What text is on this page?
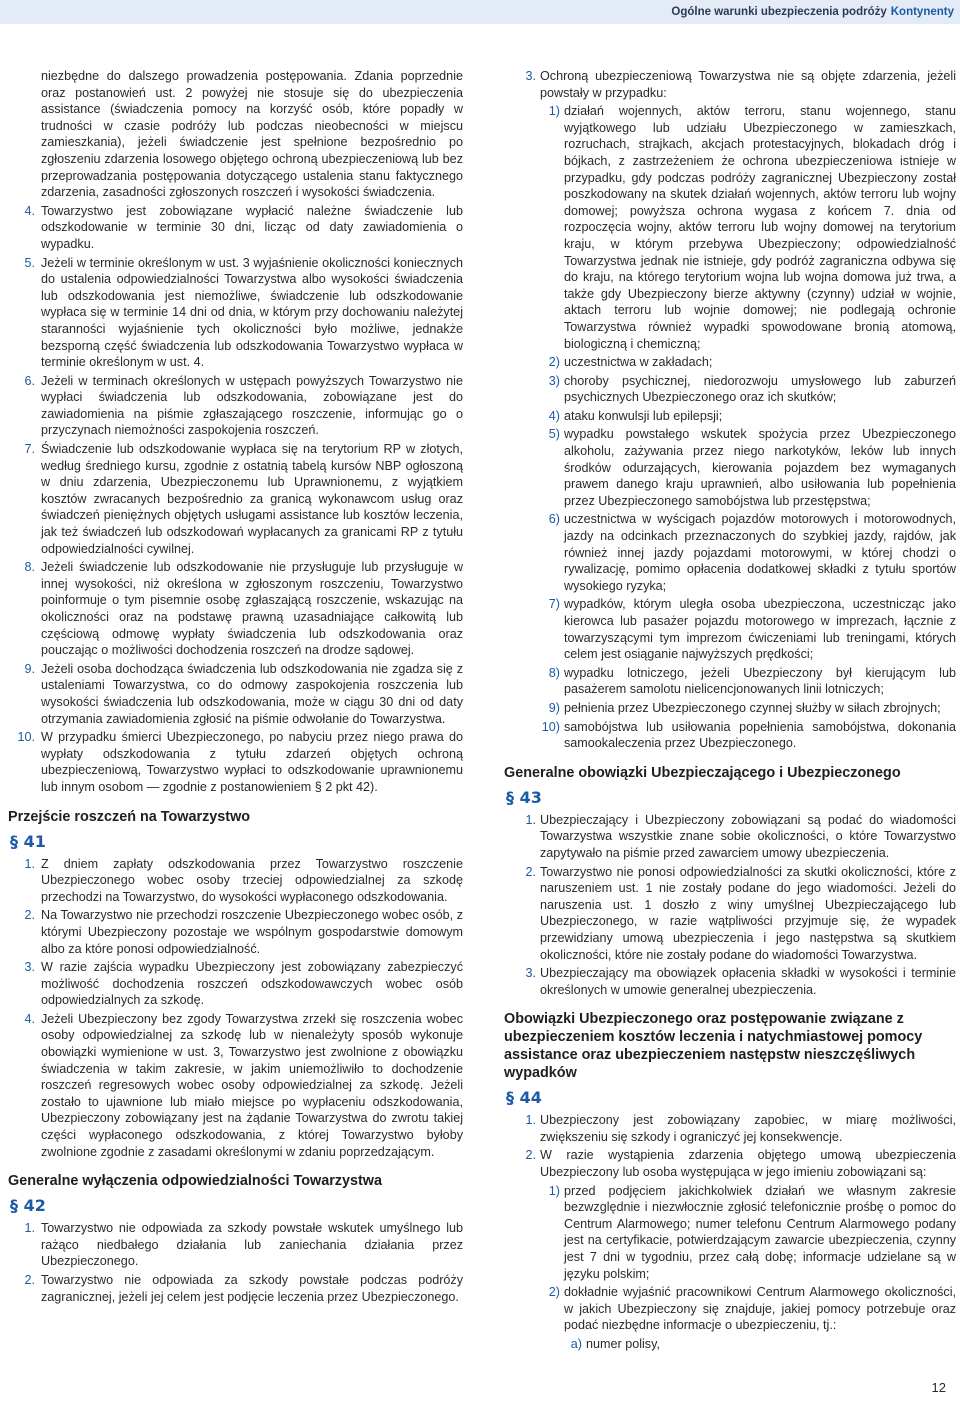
Ogólne warunki ubezpieczenia podróży Kontynenty

niezbędne do dalszego prowadzenia postępowania. Zdania poprzednie oraz postanowień ust. 2 powyżej nie stosuje się do ubezpieczenia assistance (świadczenia pomocy na korzyść osób, które popadły w trudności w czasie podróży lub podczas nieobecności w miejscu zamieszkania), jeżeli świadczenie jest spełnione bezpośrednio po zgłoszeniu zdarzenia losowego objętego ochroną ubezpieczeniową lub bez przeprowadzania postępowania dotyczącego ustalenia stanu faktycznego zdarzenia, zasadności zgłoszonych roszczeń i wysokości świadczenia.

4. Towarzystwo jest zobowiązane wypłacić należne świadczenie lub odszkodowanie w terminie 30 dni, licząc od daty zawiadomienia o wypadku.
5. Jeżeli w terminie określonym w ust. 3 wyjaśnienie okoliczności koniecznych do ustalenia odpowiedzialności Towarzystwa albo wysokości świadczenia lub odszkodowania jest niemożliwe, świadczenie lub odszkodowanie wypłaca się w terminie 14 dni od dnia, w którym przy dochowaniu należytej staranności wyjaśnienie tych okoliczności było możliwe, jednakże bezsporną część świadczenia lub odszkodowania Towarzystwo wypłaca w terminie określonym w ust. 4.
6. Jeżeli w terminach określonych w ustępach powyższych Towarzystwo nie wypłaci świadczenia lub odszkodowania, zobowiązane jest do zawiadomienia na piśmie zgłaszającego roszczenie, informując go o przyczynach niemożności zaspokojenia roszczeń.
7. Świadczenie lub odszkodowanie wypłaca się na terytorium RP w złotych, według średniego kursu, zgodnie z ostatnią tabelą kursów NBP ogłoszoną w dniu zdarzenia, Ubezpieczonemu lub Uprawnionemu, z wyjątkiem kosztów zwracanych bezpośrednio za granicą wykonawcom usług oraz świadczeń pieniężnych objętych usługami assistance lub kosztów leczenia, jak też świadczeń lub odszkodowań wypłacanych za granicami RP z tytułu odpowiedzialności cywilnej.
8. Jeżeli świadczenie lub odszkodowanie nie przysługuje lub przysługuje w innej wysokości, niż określona w zgłoszonym roszczeniu, Towarzystwo poinformuje o tym pisemnie osobę zgłaszającą roszczenie, wskazując na okoliczności oraz na podstawę prawną uzasadniające całkowitą lub częściową odmowę wypłaty świadczenia lub odszkodowania oraz pouczając o możliwości dochodzenia roszczeń na drodze sądowej.
9. Jeżeli osoba dochodząca świadczenia lub odszkodowania nie zgadza się z ustaleniami Towarzystwa, co do odmowy zaspokojenia roszczenia lub wysokości świadczenia lub odszkodowania, może w ciągu 30 dni od daty otrzymania zawiadomienia zgłosić na piśmie odwołanie do Towarzystwa.
10. W przypadku śmierci Ubezpieczonego, po nabyciu przez niego prawa do wypłaty odszkodowania z tytułu zdarzeń objętych ochroną ubezpieczeniową, Towarzystwo wypłaci to odszkodowanie uprawnionemu lub innym osobom — zgodnie z postanowieniem § 2 pkt 42).
Przejście roszczeń na Towarzystwo
§ 41
1. Z dniem zapłaty odszkodowania przez Towarzystwo roszczenie Ubezpieczonego wobec osoby trzeciej odpowiedzialnej za szkodę przechodzi na Towarzystwo, do wysokości wypłaconego odszkodowania.
2. Na Towarzystwo nie przechodzi roszczenie Ubezpieczonego wobec osób, z którymi Ubezpieczony pozostaje we wspólnym gospodarstwie domowym albo za które ponosi odpowiedzialność.
3. W razie zajścia wypadku Ubezpieczony jest zobowiązany zabezpieczyć możliwość dochodzenia roszczeń odszkodowawczych wobec osób odpowiedzialnych za szkodę.
4. Jeżeli Ubezpieczony bez zgody Towarzystwa zrzekł się roszczenia wobec osoby odpowiedzialnej za szkodę lub w nienależyty sposób wykonuje obowiązki wymienione w ust. 3, Towarzystwo jest zwolnione z obowiązku świadczenia w takim zakresie, w jakim uniemożliwiło to dochodzenie roszczeń regresowych wobec osoby odpowiedzialnej za szkodę. Jeżeli zostało to ujawnione lub miało miejsce po wypłaceniu odszkodowania, Ubezpieczony zobowiązany jest na żądanie Towarzystwa do zwrotu takiej części wypłaconego odszkodowania, z której Towarzystwo byłoby zwolnione zgodnie z zasadami określonymi w zdaniu poprzedzającym.
Generalne wyłączenia odpowiedzialności Towarzystwa
§ 42
1. Towarzystwo nie odpowiada za szkody powstałe wskutek umyślnego lub rażąco niedbałego działania lub zaniechania działania przez Ubezpieczonego.
2. Towarzystwo nie odpowiada za szkody powstałe podczas podróży zagranicznej, jeżeli jej celem jest podjęcie leczenia przez Ubezpieczonego.
3. Ochroną ubezpieczeniową Towarzystwa nie są objęte zdarzenia, jeżeli powstały w przypadku:
1) działań wojennych, aktów terroru, stanu wojennego, stanu wyjątkowego lub udziału Ubezpieczonego w zamieszkach, rozruchach, strajkach, akcjach protestacyjnych, blokadach dróg i bójkach, z zastrzeżeniem że ochrona ubezpieczeniowa istnieje w przypadku, gdy podczas podróży zagranicznej Ubezpieczony został poszkodowany na skutek działań wojennych, aktów terroru lub wojny domowej; powyższa ochrona wygasa z końcem 7. dnia od rozpoczęcia wojny, aktów terroru lub wojny domowej na terytorium kraju, w którym przebywa Ubezpieczony; odpowiedzialność Towarzystwa jednak nie istnieje, gdy podróż zagraniczna odbywa się do kraju, na którego terytorium wojna lub wojna domowa już trwa, a także gdy Ubezpieczony bierze aktywny (czynny) udział w wojnie, aktach terroru lub wojnie domowej; nie podlegają ochronie Towarzystwa również wypadki spowodowane bronią atomową, biologiczną i chemiczną;
2) uczestnictwa w zakładach;
3) choroby psychicznej, niedorozwoju umysłowego lub zaburzeń psychicznych Ubezpieczonego oraz ich skutków;
4) ataku konwulsji lub epilepsji;
5) wypadku powstałego wskutek spożycia przez Ubezpieczonego alkoholu, zażywania przez niego narkotyków, leków lub innych środków odurzających, kierowania pojazdem bez wymaganych prawem danego kraju uprawnień, albo usiłowania lub popełnienia przez Ubezpieczonego samobójstwa lub przestępstwa;
6) uczestnictwa w wyścigach pojazdów motorowych i motorowodnych, jazdy na odcinkach przeznaczonych do szybkiej jazdy, rajdów, jak również innej jazdy pojazdami motorowymi, w której chodzi o rywalizację, pomimo opłacenia dodatkowej składki z tytułu sportów wysokiego ryzyka;
7) wypadków, którym uległa osoba ubezpieczona, uczestnicząc jako kierowca lub pasażer pojazdu motorowego w imprezach, łącznie z towarzyszącymi tym imprezom ćwiczeniami lub treningami, których celem jest osiąganie najwyższych prędkości;
8) wypadku lotniczego, jeżeli Ubezpieczony był kierującym lub pasażerem samolotu nielicencjonowanych linii lotniczych;
9) pełnienia przez Ubezpieczonego czynnej służby w siłach zbrojnych;
10) samobójstwa lub usiłowania popełnienia samobójstwa, dokonania samookaleczenia przez Ubezpieczonego.
Generalne obowiązki Ubezpieczającego i Ubezpieczonego
§ 43
1. Ubezpieczający i Ubezpieczony zobowiązani są podać do wiadomości Towarzystwa wszystkie znane sobie okoliczności, o które Towarzystwo zapytywało na piśmie przed zawarciem umowy ubezpieczenia.
2. Towarzystwo nie ponosi odpowiedzialności za skutki okoliczności, które z naruszeniem ust. 1 nie zostały podane do jego wiadomości. Jeżeli do naruszenia ust. 1 doszło z winy umyślnej Ubezpieczającego lub Ubezpieczonego, w razie wątpliwości przyjmuje się, że wypadek przewidziany umową ubezpieczenia i jego następstwa są skutkiem okoliczności, które nie zostały podane do wiadomości Towarzystwa.
3. Ubezpieczający ma obowiązek opłacenia składki w wysokości i terminie określonych w umowie generalnej ubezpieczenia.
Obowiązki Ubezpieczonego oraz postępowanie związane z ubezpieczeniem kosztów leczenia i natychmiastowej pomocy assistance oraz ubezpieczeniem następstw nieszczęśliwych wypadków
§ 44
1. Ubezpieczony jest zobowiązany zapobiec, w miarę możliwości, zwiększeniu się szkody i ograniczyć jej konsekwencje.
2. W razie wystąpienia zdarzenia objętego umową ubezpieczenia Ubezpieczony lub osoba występująca w jego imieniu zobowiązani są:
1) przed podjęciem jakichkolwiek działań we własnym zakresie bezwzględnie i niezwłocznie zgłosić telefonicznie prośbę o pomoc do Centrum Alarmowego; numer telefonu Centrum Alarmowego podany jest na certyfikacie, potwierdzającym zawarcie ubezpieczenia, czynny jest 7 dni w tygodniu, przez całą dobę; informacje udzielane są w języku polskim;
2) dokładnie wyjaśnić pracownikowi Centrum Alarmowego okoliczności, w jakich Ubezpieczony się znajduje, jakiej pomocy potrzebuje oraz podać niezbędne informacje o ubezpieczeniu, tj.:
a) numer polisy,
12
